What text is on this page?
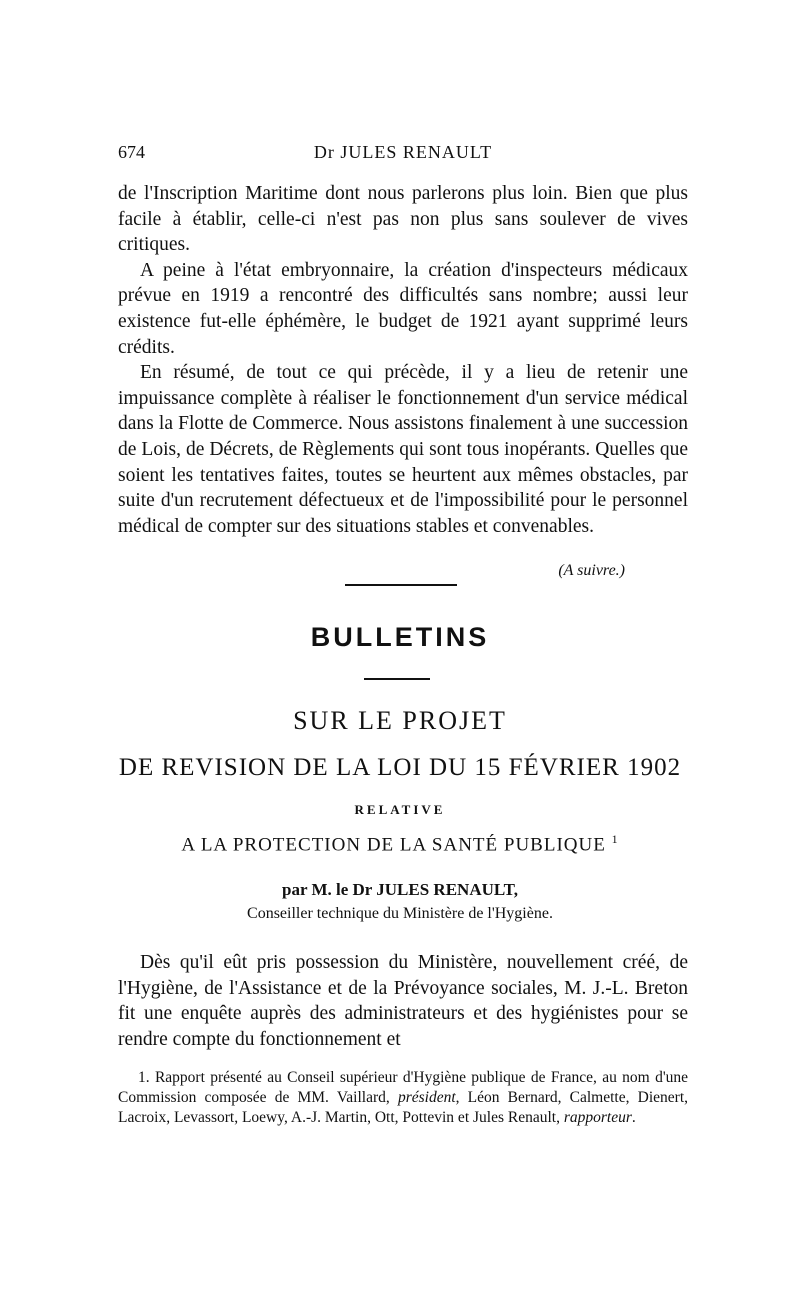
674	Dr JULES RENAULT

de l'Inscription Maritime dont nous parlerons plus loin. Bien que plus facile à établir, celle-ci n'est pas non plus sans soulever de vives critiques.

A peine à l'état embryonnaire, la création d'inspecteurs médicaux prévue en 1919 a rencontré des difficultés sans nombre; aussi leur existence fut-elle éphémère, le budget de 1921 ayant supprimé leurs crédits.

En résumé, de tout ce qui précède, il y a lieu de retenir une impuissance complète à réaliser le fonctionnement d'un service médical dans la Flotte de Commerce. Nous assistons finalement à une succession de Lois, de Décrets, de Règlements qui sont tous inopérants. Quelles que soient les tentatives faites, toutes se heurtent aux mêmes obstacles, par suite d'un recrutement défectueux et de l'impossibilité pour le personnel médical de compter sur des situations stables et convenables.

(A suivre.)
BULLETINS
SUR LE PROJET
DE REVISION DE LA LOI DU 15 FÉVRIER 1902
RELATIVE
A LA PROTECTION DE LA SANTÉ PUBLIQUE $^1$
par M. le Dr JULES RENAULT,
Conseiller technique du Ministère de l'Hygiène.

Dès qu'il eût pris possession du Ministère, nouvellement créé, de l'Hygiène, de l'Assistance et de la Prévoyance sociales, M. J.-L. Breton fit une enquête auprès des administrateurs et des hygiénistes pour se rendre compte du fonctionnement et

1. Rapport présenté au Conseil supérieur d'Hygiène publique de France, au nom d'une Commission composée de MM. Vaillard, président, Léon Bernard, Calmette, Dienert, Lacroix, Levassort, Loewy, A.-J. Martin, Ott, Pottevin et Jules Renault, rapporteur.
